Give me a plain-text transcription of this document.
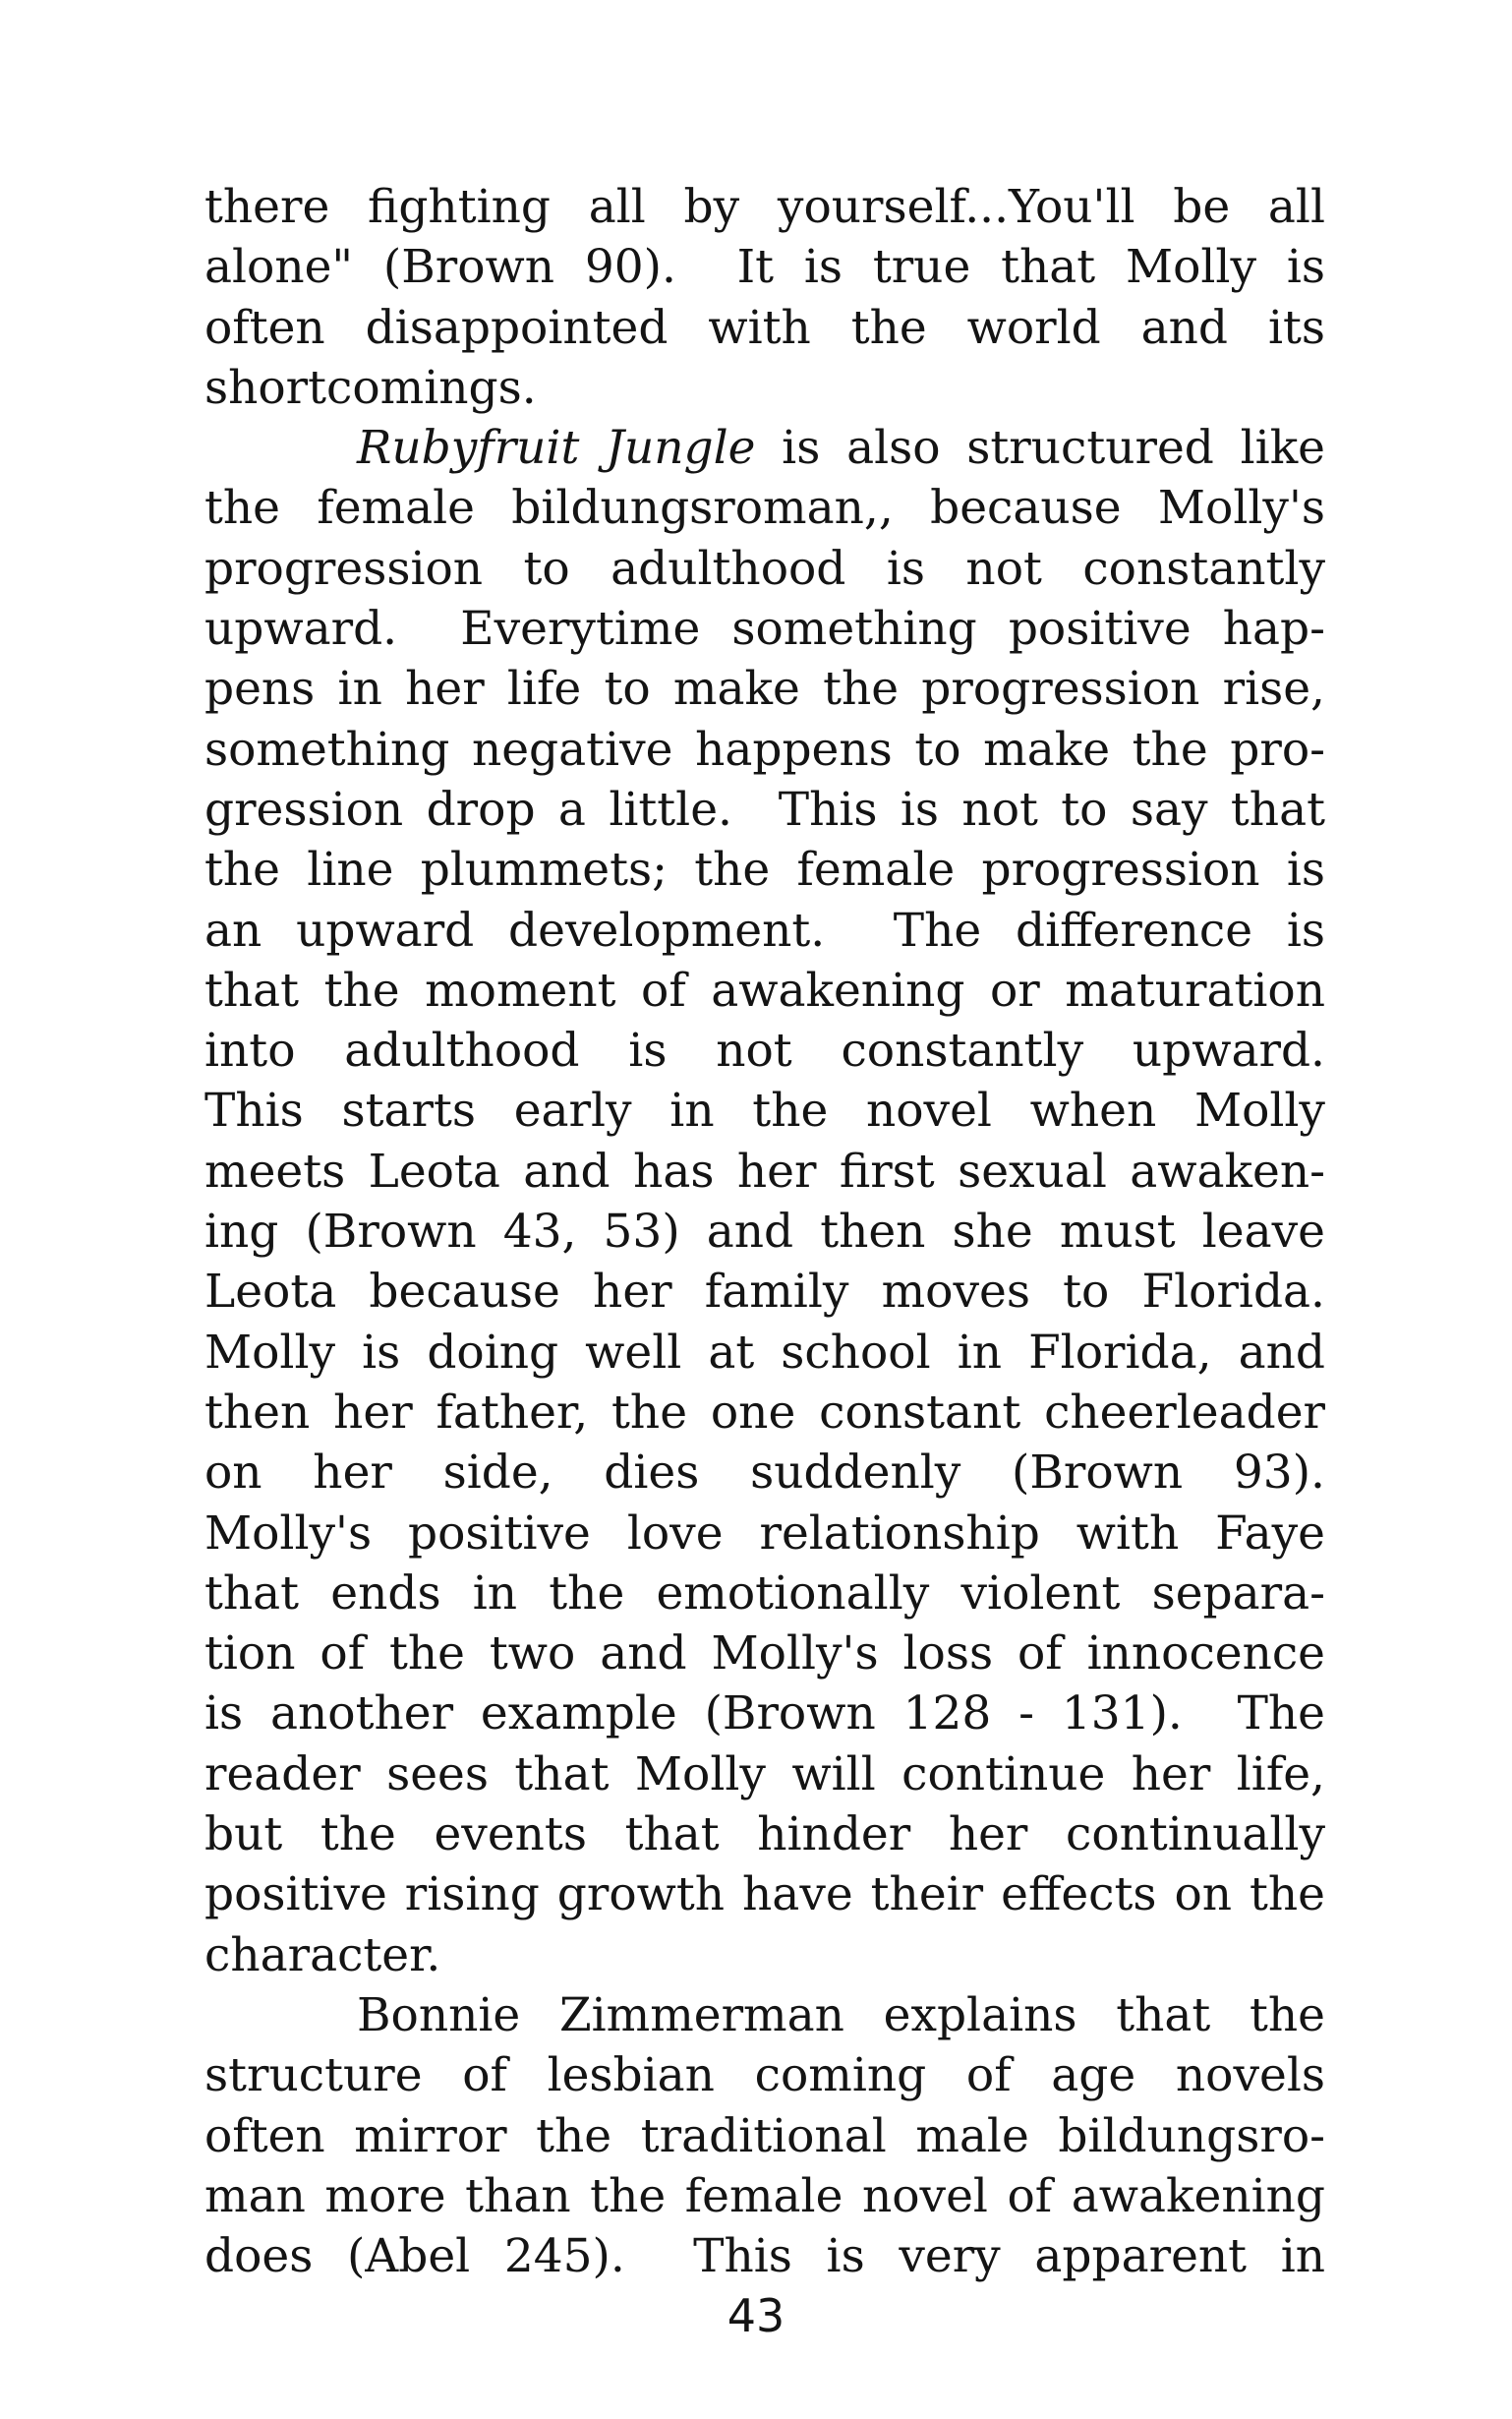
there fighting all by yourself...You'll be all
alone" (Brown 90).  It is true that Molly is
often disappointed with the world and its
shortcomings.
Rubyfruit Jungle is also structured like
the female bildungsroman,, because Molly's
progression to adulthood is not constantly
upward.  Everytime something positive hap-
pens in her life to make the progression rise,
something negative happens to make the pro-
gression drop a little.  This is not to say that
the line plummets; the female progression is
an upward development.  The difference is
that the moment of awakening or maturation
into adulthood is not constantly upward.
This starts early in the novel when Molly
meets Leota and has her first sexual awaken-
ing (Brown 43, 53) and then she must leave
Leota because her family moves to Florida.
Molly is doing well at school in Florida, and
then her father, the one constant cheerleader
on her side, dies suddenly (Brown 93).
Molly's positive love relationship with Faye
that ends in the emotionally violent separa-
tion of the two and Molly's loss of innocence
is another example (Brown 128 - 131).  The
reader sees that Molly will continue her life,
but the events that hinder her continually
positive rising growth have their effects on the
character.
Bonnie Zimmerman explains that the
structure of lesbian coming of age novels
often mirror the traditional male bildungsro-
man more than the female novel of awakening
does (Abel 245).  This is very apparent in
43
